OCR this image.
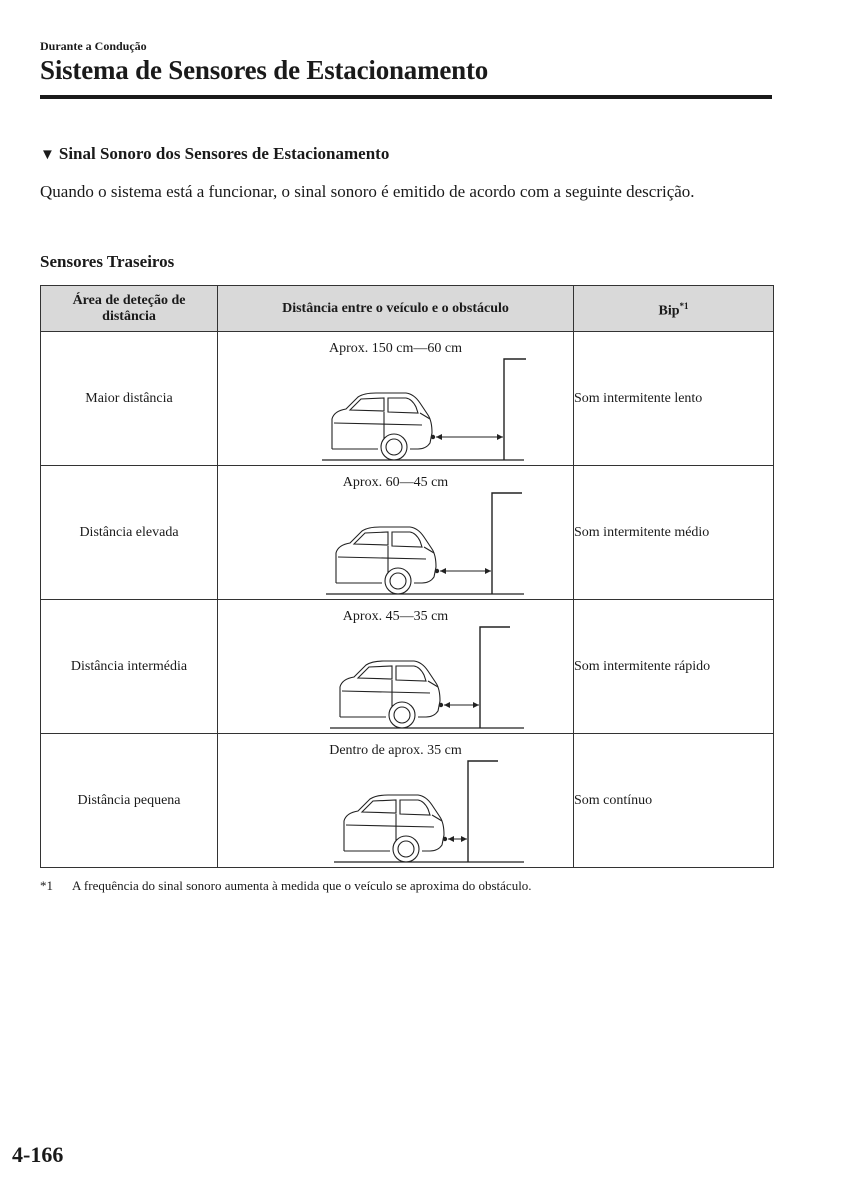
Durante a Condução
Sistema de Sensores de Estacionamento
▼ Sinal Sonoro dos Sensores de Estacionamento
Quando o sistema está a funcionar, o sinal sonoro é emitido de acordo com a seguinte descrição.
Sensores Traseiros
Área de deteção de distância	Distância entre o veículo e o obstáculo	Bip$^{*1}$
Maior distância	Aprox. 150 cm—60 cm	Som intermitente lento
Distância elevada	Aprox. 60—45 cm	Som intermitente médio
Distância intermédia	Aprox. 45—35 cm	Som intermitente rápido
Distância pequena	Dentro de aprox. 35 cm	Som contínuo
*1 A frequência do sinal sonoro aumenta à medida que o veículo se aproxima do obstáculo.
4-166
